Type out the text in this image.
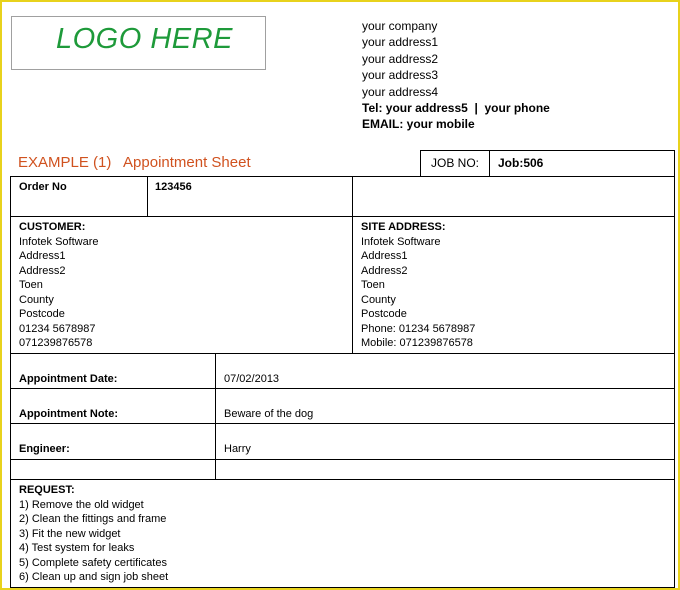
LOGO HERE	your company
your address1
your address2
your address3
your address4
Tel: your address5  |  your phone
EMAIL: your mobile
EXAMPLE (1)   Appointment Sheet	JOB NO: Job:506
Order No	123456
CUSTOMER:
Infotek Software
Address1
Address2
Toen
County
Postcode
01234 5678987
071239876578
SITE ADDRESS:
Infotek Software
Address1
Address2
Toen
County
Postcode
Phone: 01234 5678987
Mobile: 071239876578
Appointment Date:	07/02/2013
Appointment Note:	Beware of the dog
Engineer:	Harry
REQUEST:
1) Remove the old widget
2) Clean the fittings and frame
3) Fit the new widget
4) Test system for leaks
5) Complete safety certificates
6) Clean up and sign job sheet
